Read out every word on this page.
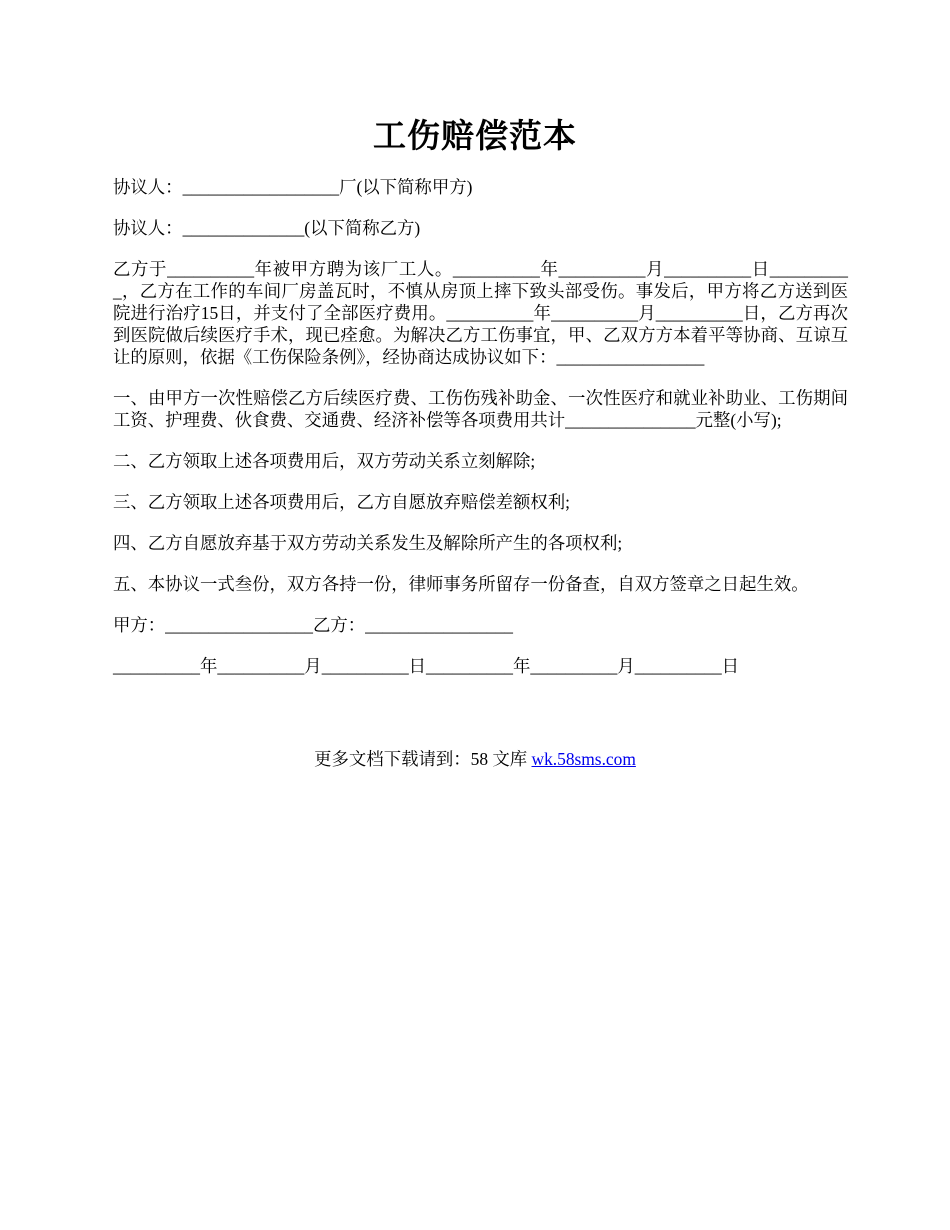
工伤赔偿范本

协议人：__________________厂(以下简称甲方)

协议人：______________(以下简称乙方)

乙方于__________年被甲方聘为该厂工人。__________年__________月__________日__________，乙方在工作的车间厂房盖瓦时，不慎从房顶上摔下致头部受伤。事发后，甲方将乙方送到医院进行治疗15日，并支付了全部医疗费用。__________年__________月__________日，乙方再次到医院做后续医疗手术，现已痊愈。为解决乙方工伤事宜，甲、乙双方方本着平等协商、互谅互让的原则，依据《工伤保险条例》，经协商达成协议如下：_________________

一、由甲方一次性赔偿乙方后续医疗费、工伤伤残补助金、一次性医疗和就业补助业、工伤期间工资、护理费、伙食费、交通费、经济补偿等各项费用共计_______________元整(小写);

二、乙方领取上述各项费用后，双方劳动关系立刻解除;

三、乙方领取上述各项费用后，乙方自愿放弃赔偿差额权利;

四、乙方自愿放弃基于双方劳动关系发生及解除所产生的各项权利;

五、本协议一式叁份，双方各持一份，律师事务所留存一份备查，自双方签章之日起生效。

甲方：_________________乙方：_________________

__________年__________月__________日__________年__________月__________日

更多文档下载请到：58 文库 wk.58sms.com
